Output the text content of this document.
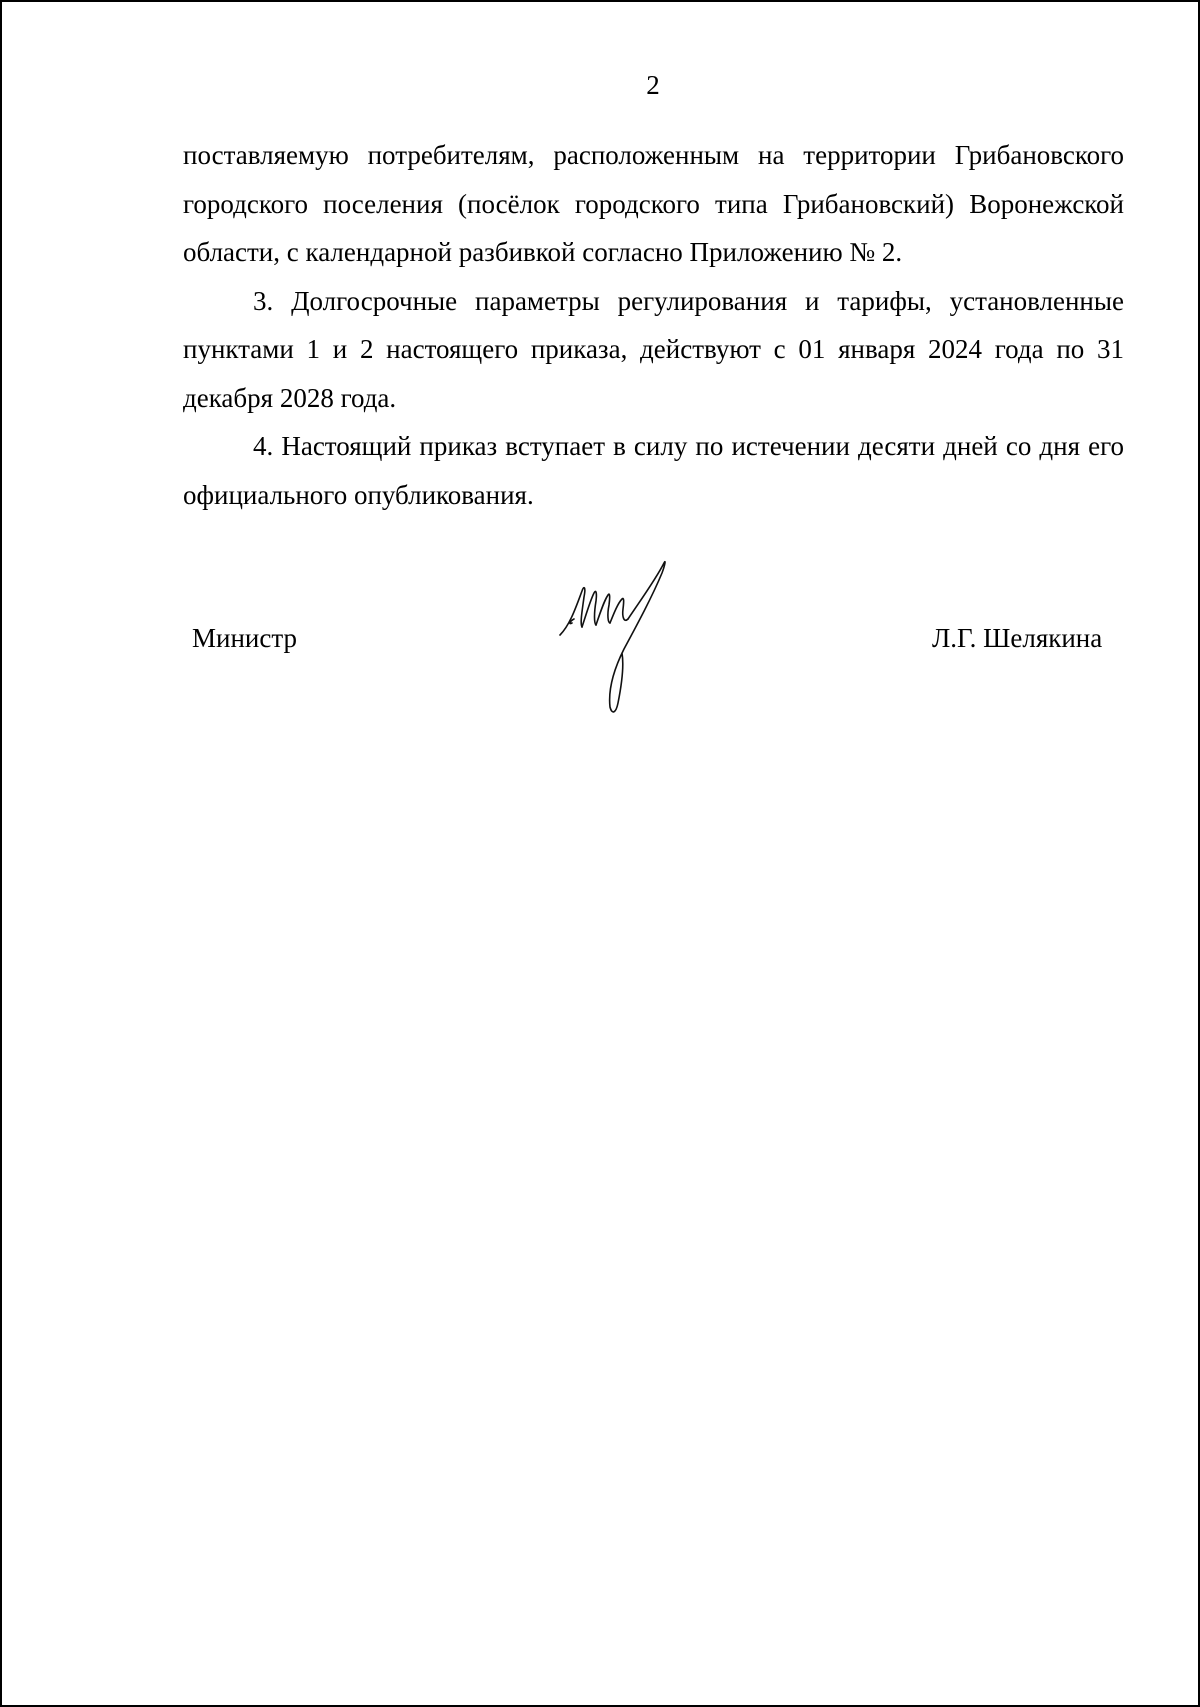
2

поставляемую потребителям, расположенным на территории Грибановского городского поселения (посёлок городского типа Грибановский) Воронежской области, с календарной разбивкой согласно Приложению № 2.

3. Долгосрочные параметры регулирования и тарифы, установленные пунктами 1 и 2 настоящего приказа, действуют с 01 января 2024 года по 31 декабря 2028 года.

4. Настоящий приказ вступает в силу по истечении десяти дней со дня его официального опубликования.

Министр	Л.Г. Шелякина
